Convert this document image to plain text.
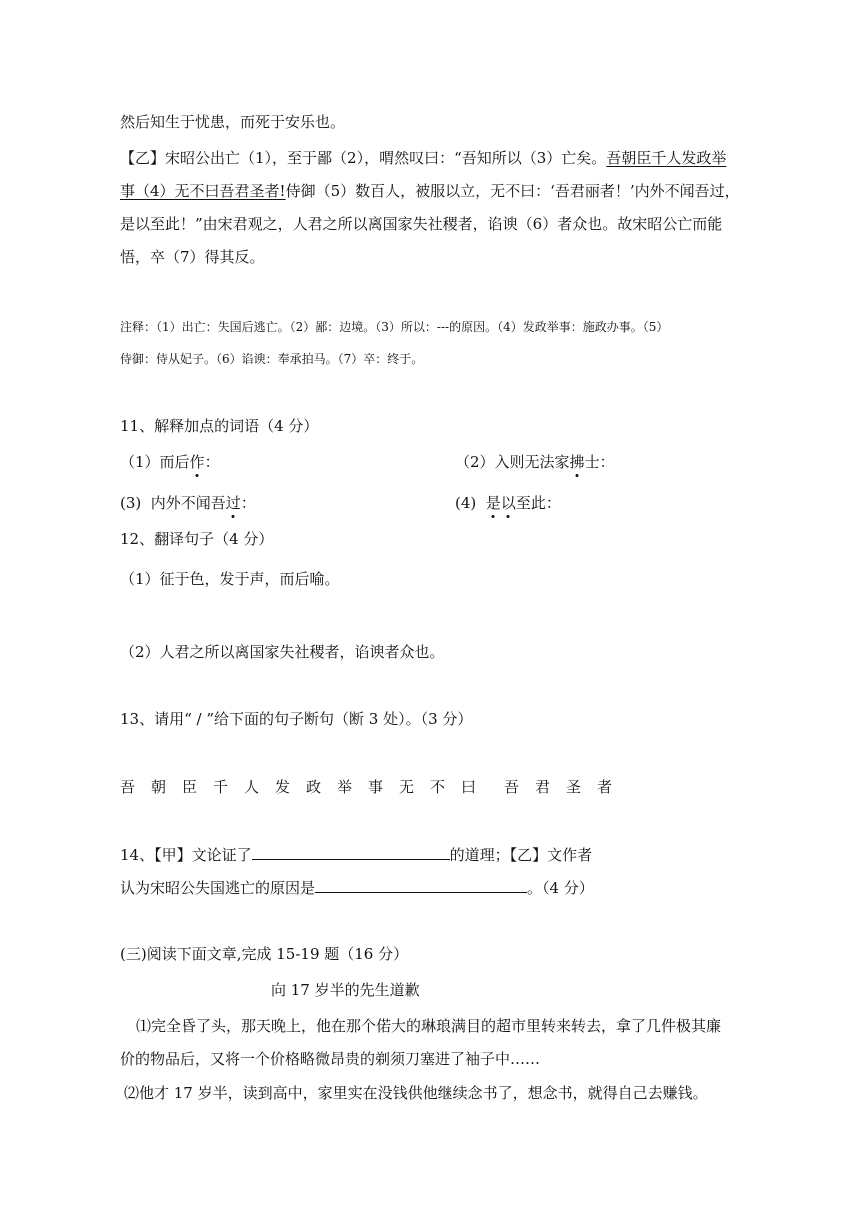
然后知生于忧患，而死于安乐也。
【乙】宋昭公出亡（1），至于鄙（2），喟然叹曰：“吾知所以（3）亡矣。吾朝臣千人发政举
事（4）无不曰吾君圣者!侍御（5）数百人，被服以立，无不曰：‘吾君丽者！’内外不闻吾过，
是以至此！”由宋君观之，人君之所以离国家失社稷者，谄谀（6）者众也。故宋昭公亡而能
悟，卒（7）得其反。
注释：（1）出亡：失国后逃亡。（2）鄙：边境。（3）所以：---的原因。（4）发政举事：施政办事。（5）
侍御：侍从妃子。（6）谄谀：奉承拍马。（7）卒：终于。
11、解释加点的词语（4 分）
（1）而后作：	（2）入则无法家拂士：
(3)  内外不闻吾过：	(4)  是以至此：
12、翻译句子（4 分）
（1）征于色，发于声，而后喻。
（2）人君之所以离国家失社稷者，谄谀者众也。
13、请用“ / ”给下面的句子断句（断 3 处）。（3 分）
吾 朝 臣 千 人 发 政 举 事 无 不 曰 吾 君 圣 者
14、【甲】文论证了	的道理；【乙】文作者
认为宋昭公失国逃亡的原因是	。（4 分）
(三)阅读下面文章,完成 15-19 题（16 分）
向 17 岁半的先生道歉
⑴完全昏了头，那天晚上，他在那个偌大的琳琅满目的超市里转来转去，拿了几件极其廉
价的物品后，又将一个价格略微昂贵的剃须刀塞进了袖子中……
⑵他才 17 岁半，读到高中，家里实在没钱供他继续念书了，想念书，就得自己去赚钱。
